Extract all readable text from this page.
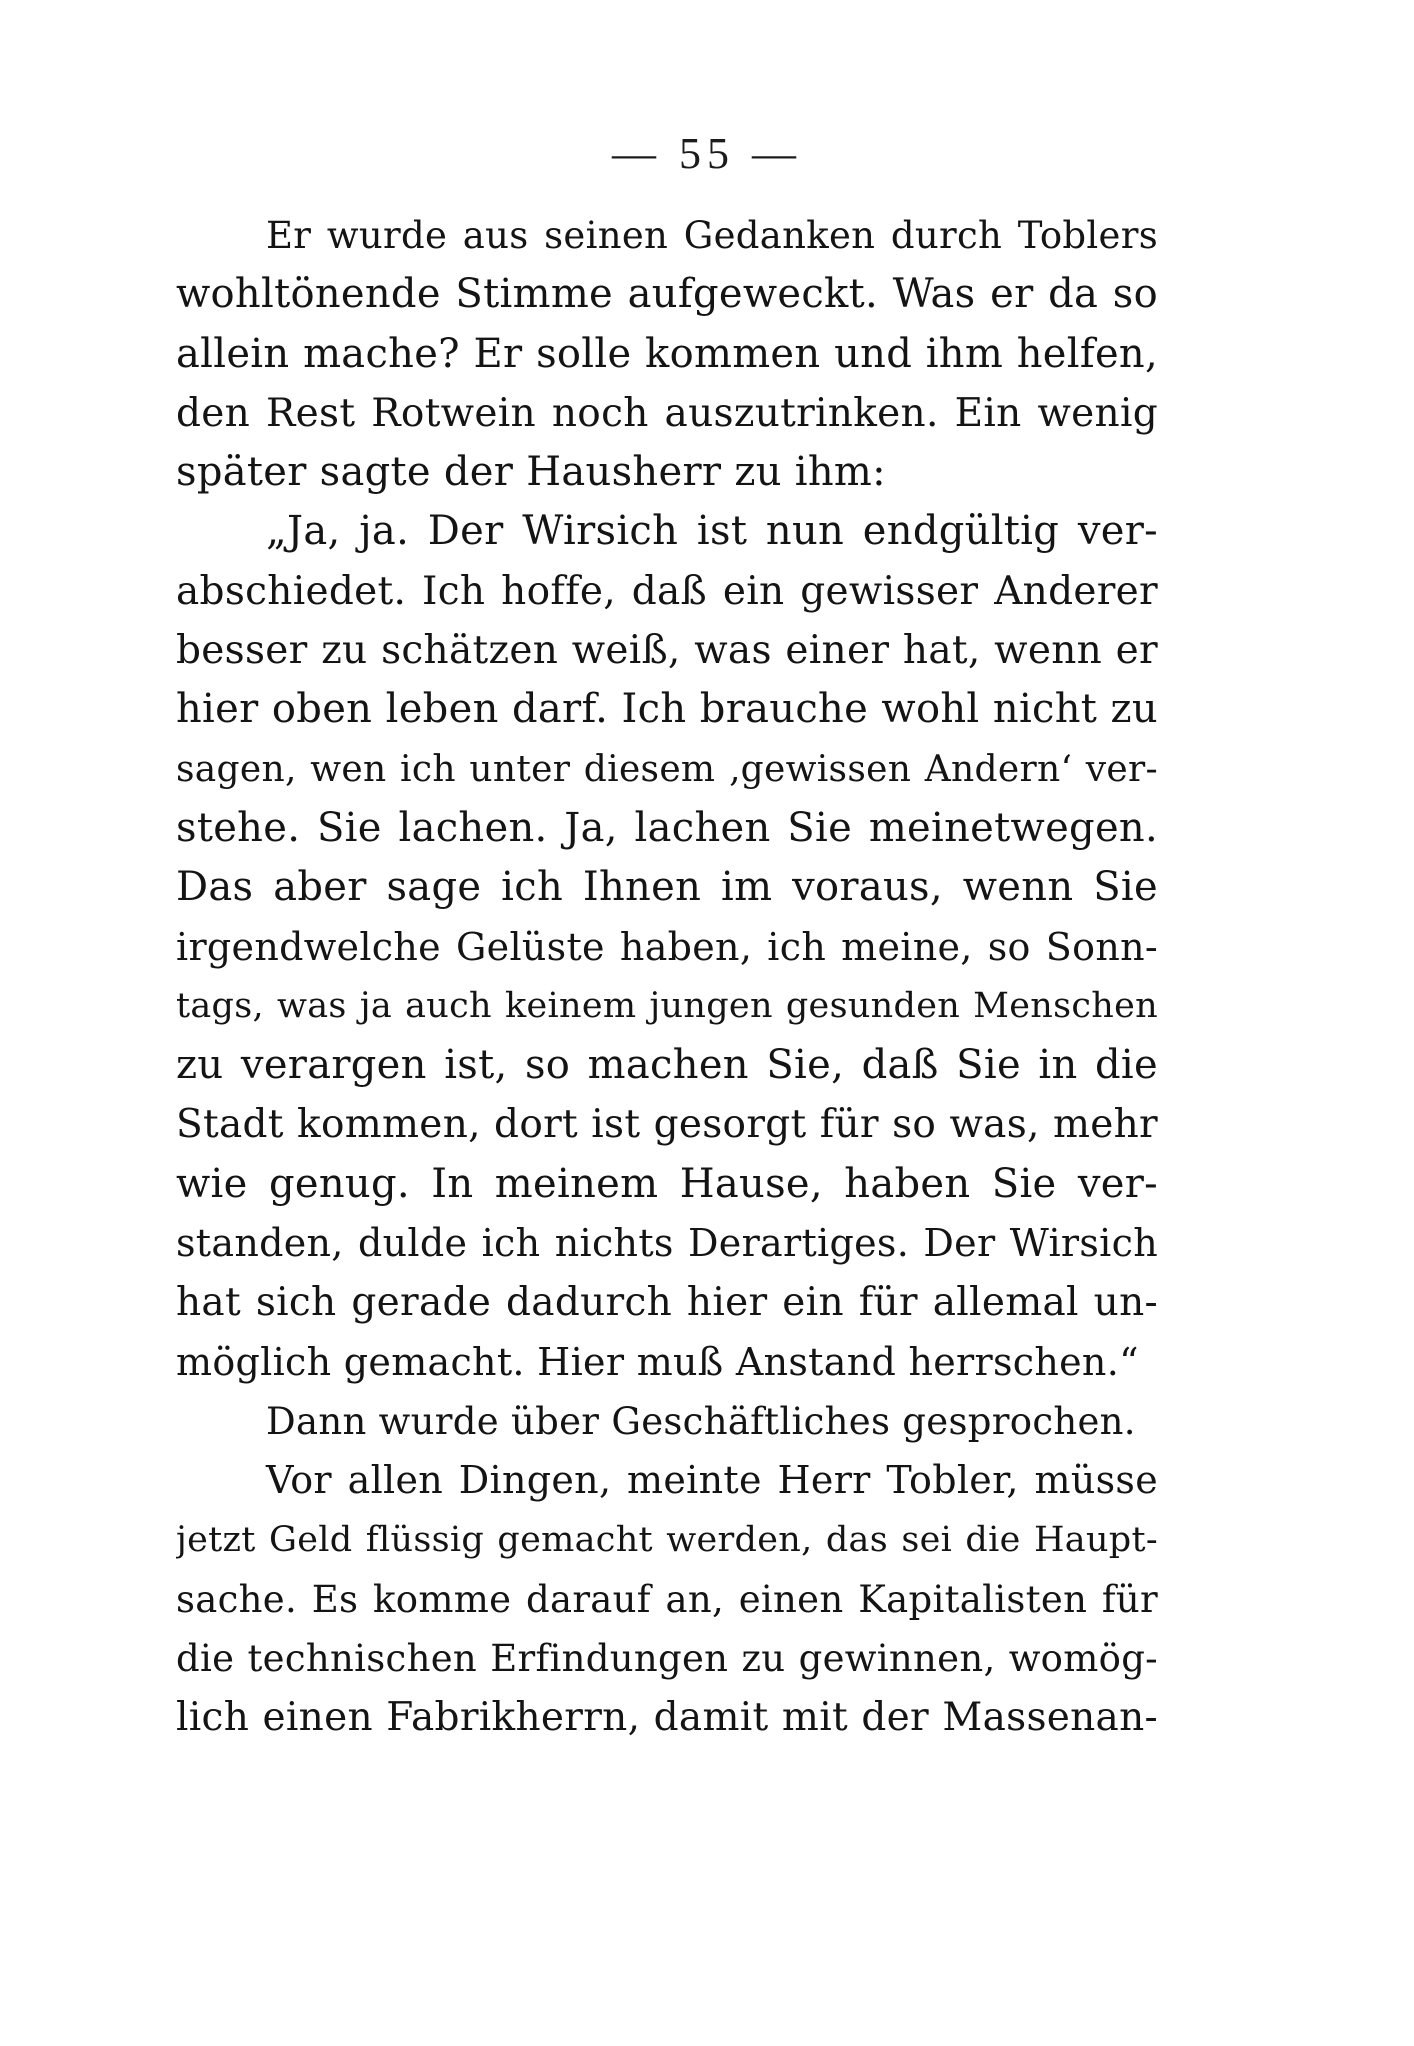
— 55 —
Er wurde aus seinen Gedanken durch Toblers
wohltönende Stimme aufgeweckt. Was er da so
allein mache? Er solle kommen und ihm helfen,
den Rest Rotwein noch auszutrinken. Ein wenig
später sagte der Hausherr zu ihm:
„Ja, ja. Der Wirsich ist nun endgültig ver-
abschiedet. Ich hoffe, daß ein gewisser Anderer
besser zu schätzen weiß, was einer hat, wenn er
hier oben leben darf. Ich brauche wohl nicht zu
sagen, wen ich unter diesem ‚gewissen Andern‘ ver-
stehe. Sie lachen. Ja, lachen Sie meinetwegen.
Das aber sage ich Ihnen im voraus, wenn Sie
irgendwelche Gelüste haben, ich meine, so Sonn-
tags, was ja auch keinem jungen gesunden Menschen
zu verargen ist, so machen Sie, daß Sie in die
Stadt kommen, dort ist gesorgt für so was, mehr
wie genug. In meinem Hause, haben Sie ver-
standen, dulde ich nichts Derartiges. Der Wirsich
hat sich gerade dadurch hier ein für allemal un-
möglich gemacht. Hier muß Anstand herrschen.“
Dann wurde über Geschäftliches gesprochen.
Vor allen Dingen, meinte Herr Tobler, müsse
jetzt Geld flüssig gemacht werden, das sei die Haupt-
sache. Es komme darauf an, einen Kapitalisten für
die technischen Erfindungen zu gewinnen, womög-
lich einen Fabrikherrn, damit mit der Massenan-
